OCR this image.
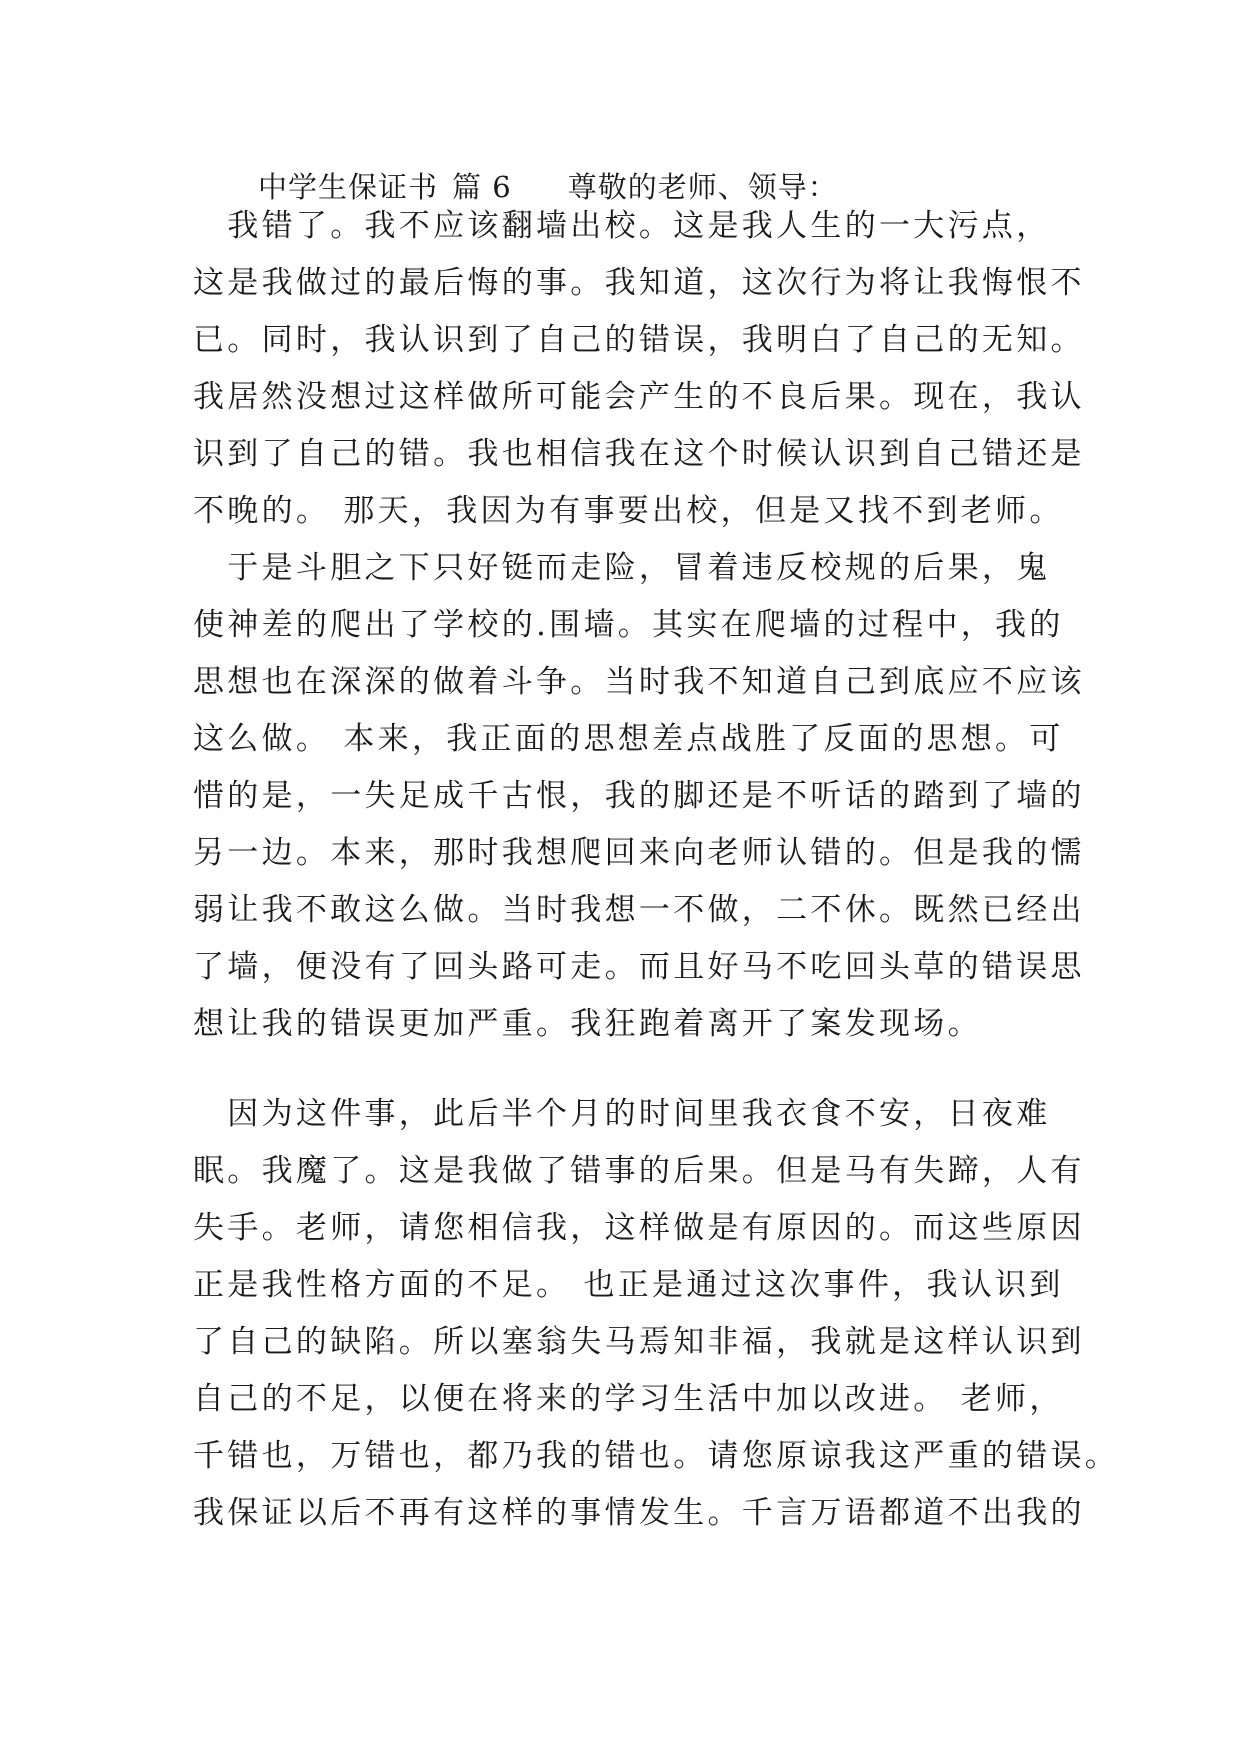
中学生保证书 篇 6 尊敬的老师、领导：
　我错了。我不应该翻墙出校。这是我人生的一大污点，
这是我做过的最后悔的事。我知道，这次行为将让我悔恨不
已。同时，我认识到了自己的错误，我明白了自己的无知。
我居然没想过这样做所可能会产生的不良后果。现在，我认
识到了自己的错。我也相信我在这个时候认识到自己错还是
不晚的。 那天，我因为有事要出校，但是又找不到老师。
　于是斗胆之下只好铤而走险，冒着违反校规的后果，鬼
使神差的爬出了学校的.围墙。其实在爬墙的过程中，我的
思想也在深深的做着斗争。当时我不知道自己到底应不应该
这么做。 本来，我正面的思想差点战胜了反面的思想。可
惜的是，一失足成千古恨，我的脚还是不听话的踏到了墙的
另一边。本来，那时我想爬回来向老师认错的。但是我的懦
弱让我不敢这么做。当时我想一不做，二不休。既然已经出
了墙，便没有了回头路可走。而且好马不吃回头草的错误思
想让我的错误更加严重。我狂跑着离开了案发现场。
　因为这件事，此后半个月的时间里我衣食不安，日夜难
眠。我魔了。这是我做了错事的后果。但是马有失蹄，人有
失手。老师，请您相信我，这样做是有原因的。而这些原因
正是我性格方面的不足。 也正是通过这次事件，我认识到
了自己的缺陷。所以塞翁失马焉知非福，我就是这样认识到
自己的不足，以便在将来的学习生活中加以改进。 老师，
千错也，万错也，都乃我的错也。请您原谅我这严重的错误。
我保证以后不再有这样的事情发生。千言万语都道不出我的
